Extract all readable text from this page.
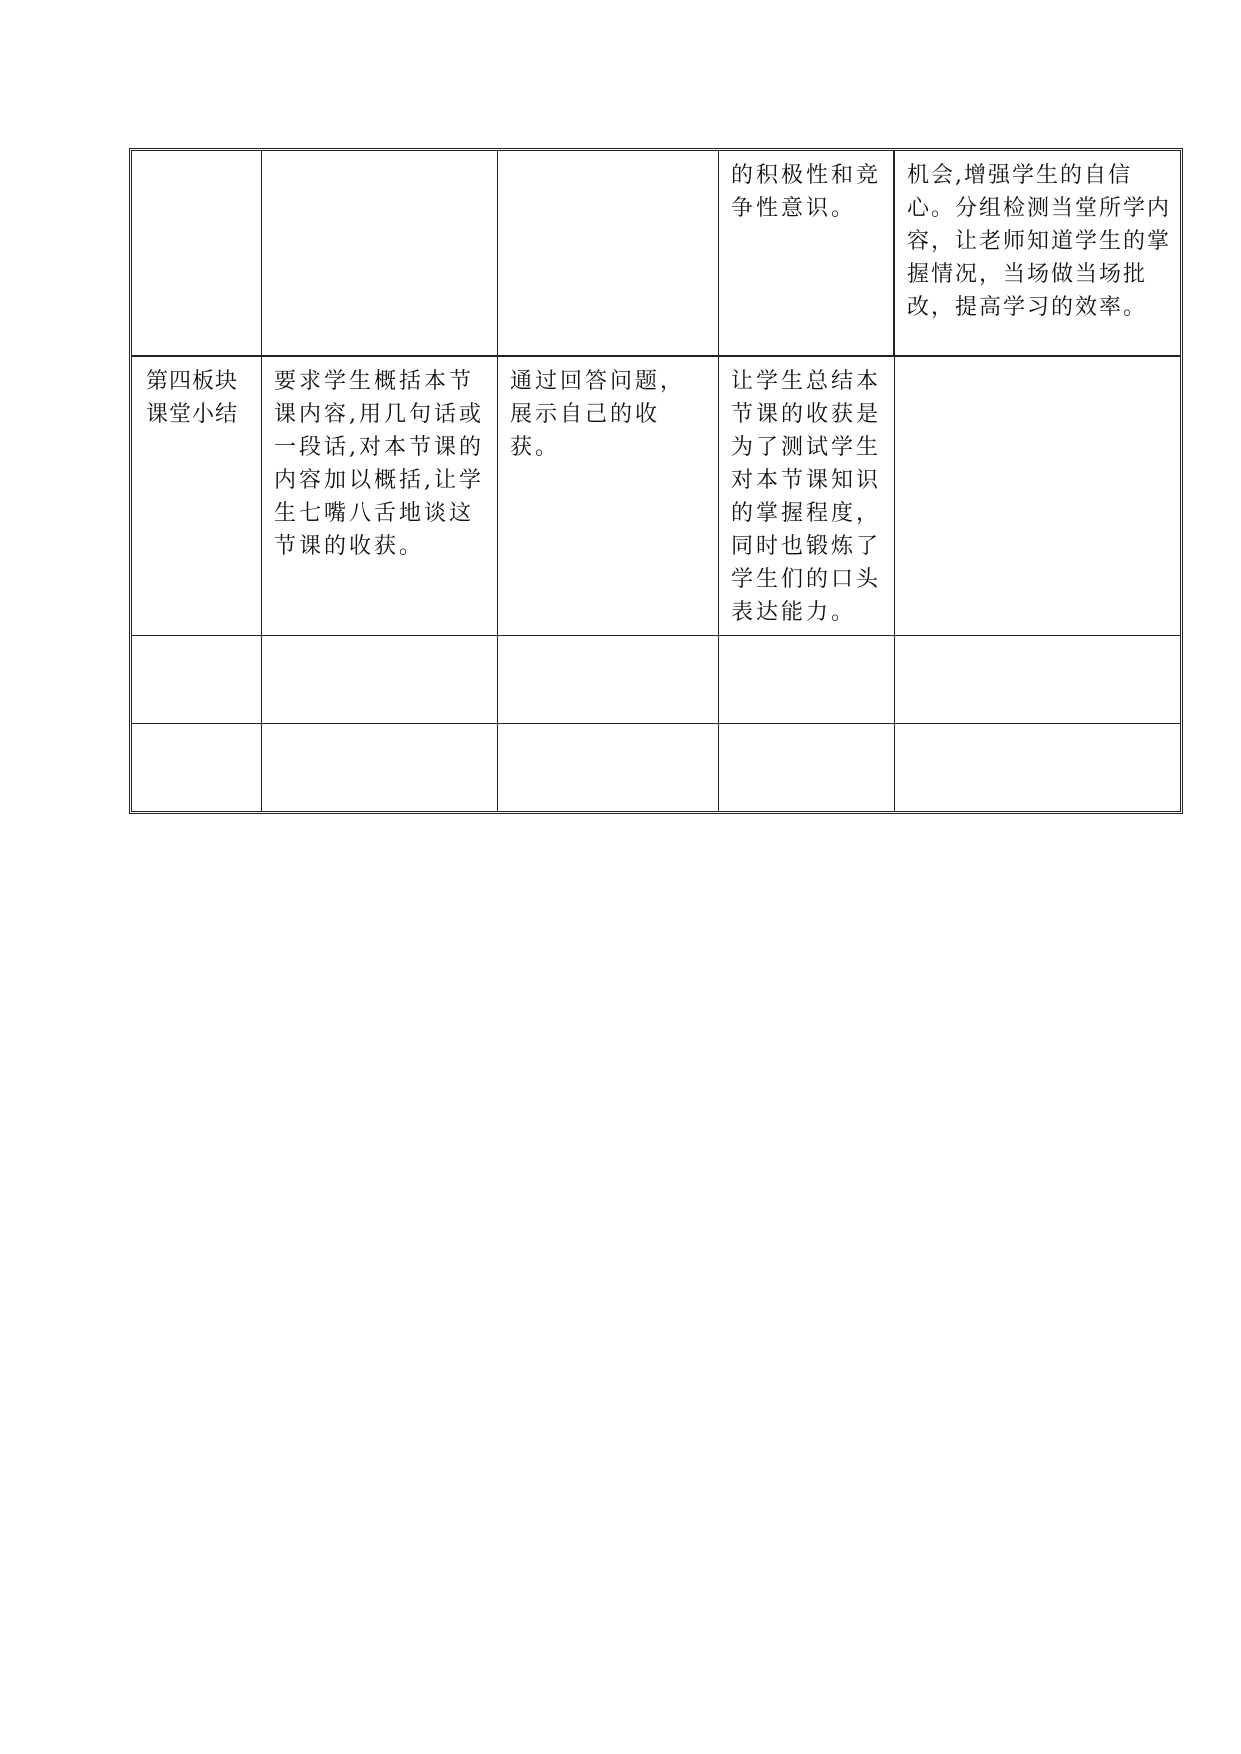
			的积极性和竞争性意识。	机会,增强学生的自信心。分组检测当堂所学内容，让老师知道学生的掌握情况，当场做当场批改，提高学习的效率。
第四板块课堂小结	要求学生概括本节课内容,用几句话或一段话,对本节课的内容加以概括,让学生七嘴八舌地谈这节课的收获。	通过回答问题，展示自己的收获。	让学生总结本节课的收获是为了测试学生对本节课知识的掌握程度，同时也锻炼了学生们的口头表达能力。	
